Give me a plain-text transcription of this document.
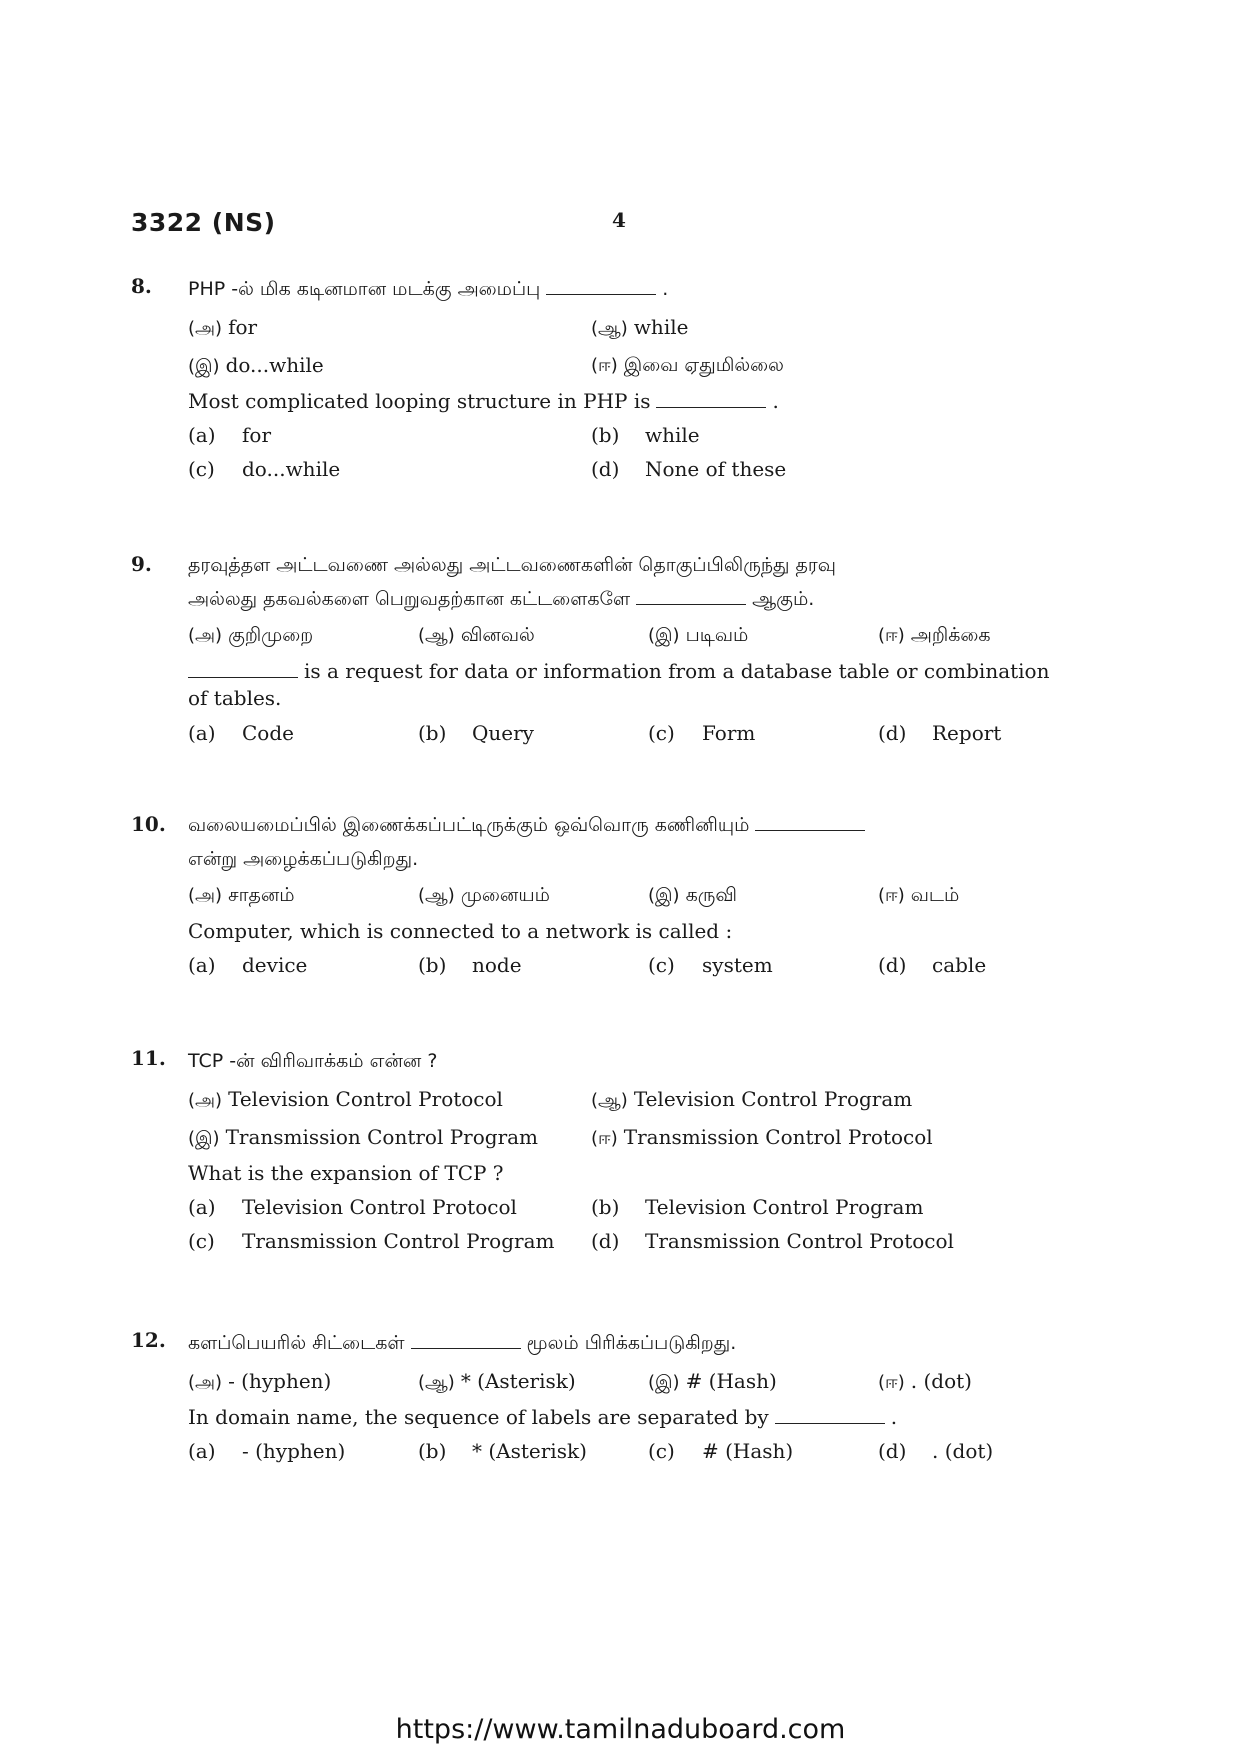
3322 (NS)	4
8. PHP -ல் மிக கடினமான மடக்கு அமைப்பு	.
(அ) for	(ஆ) while
(இ) do...while	(ஈ) இவை ஏதுமில்லை
Most complicated looping structure in PHP is	.
(a) for	(b) while
(c) do...while	(d) None of these
9. தரவுத்தள அட்டவணை அல்லது அட்டவணைகளின் தொகுப்பிலிருந்து தரவு
அல்லது தகவல்களை பெறுவதற்கான கட்டளைகளே	ஆகும்.
(அ) குறிமுறை	(ஆ) வினவல்	(இ) படிவம்	(ஈ) அறிக்கை
is a request for data or information from a database table or combination of tables.
(a) Code	(b) Query	(c) Form	(d) Report
10. வலையமைப்பில் இணைக்கப்பட்டிருக்கும் ஒவ்வொரு கணினியும்
என்று அழைக்கப்படுகிறது.
(அ) சாதனம்	(ஆ) முனையம்	(இ) கருவி	(ஈ) வடம்
Computer, which is connected to a network is called :
(a) device	(b) node	(c) system	(d) cable
11. TCP -ன் விரிவாக்கம் என்ன ?
(அ) Television Control Protocol	(ஆ) Television Control Program
(இ) Transmission Control Program	(ஈ) Transmission Control Protocol
What is the expansion of TCP ?
(a) Television Control Protocol	(b) Television Control Program
(c) Transmission Control Program (d) Transmission Control Protocol
12. களப்பெயரில் சிட்டைகள்	மூலம் பிரிக்கப்படுகிறது.
(அ) - (hyphen)	(ஆ) * (Asterisk)	(இ) # (Hash)	(ஈ) . (dot)
In domain name, the sequence of labels are separated by	.
(a) - (hyphen)	(b) * (Asterisk)	(c) # (Hash)	(d) . (dot)
https://www.tamilnaduboard.com
